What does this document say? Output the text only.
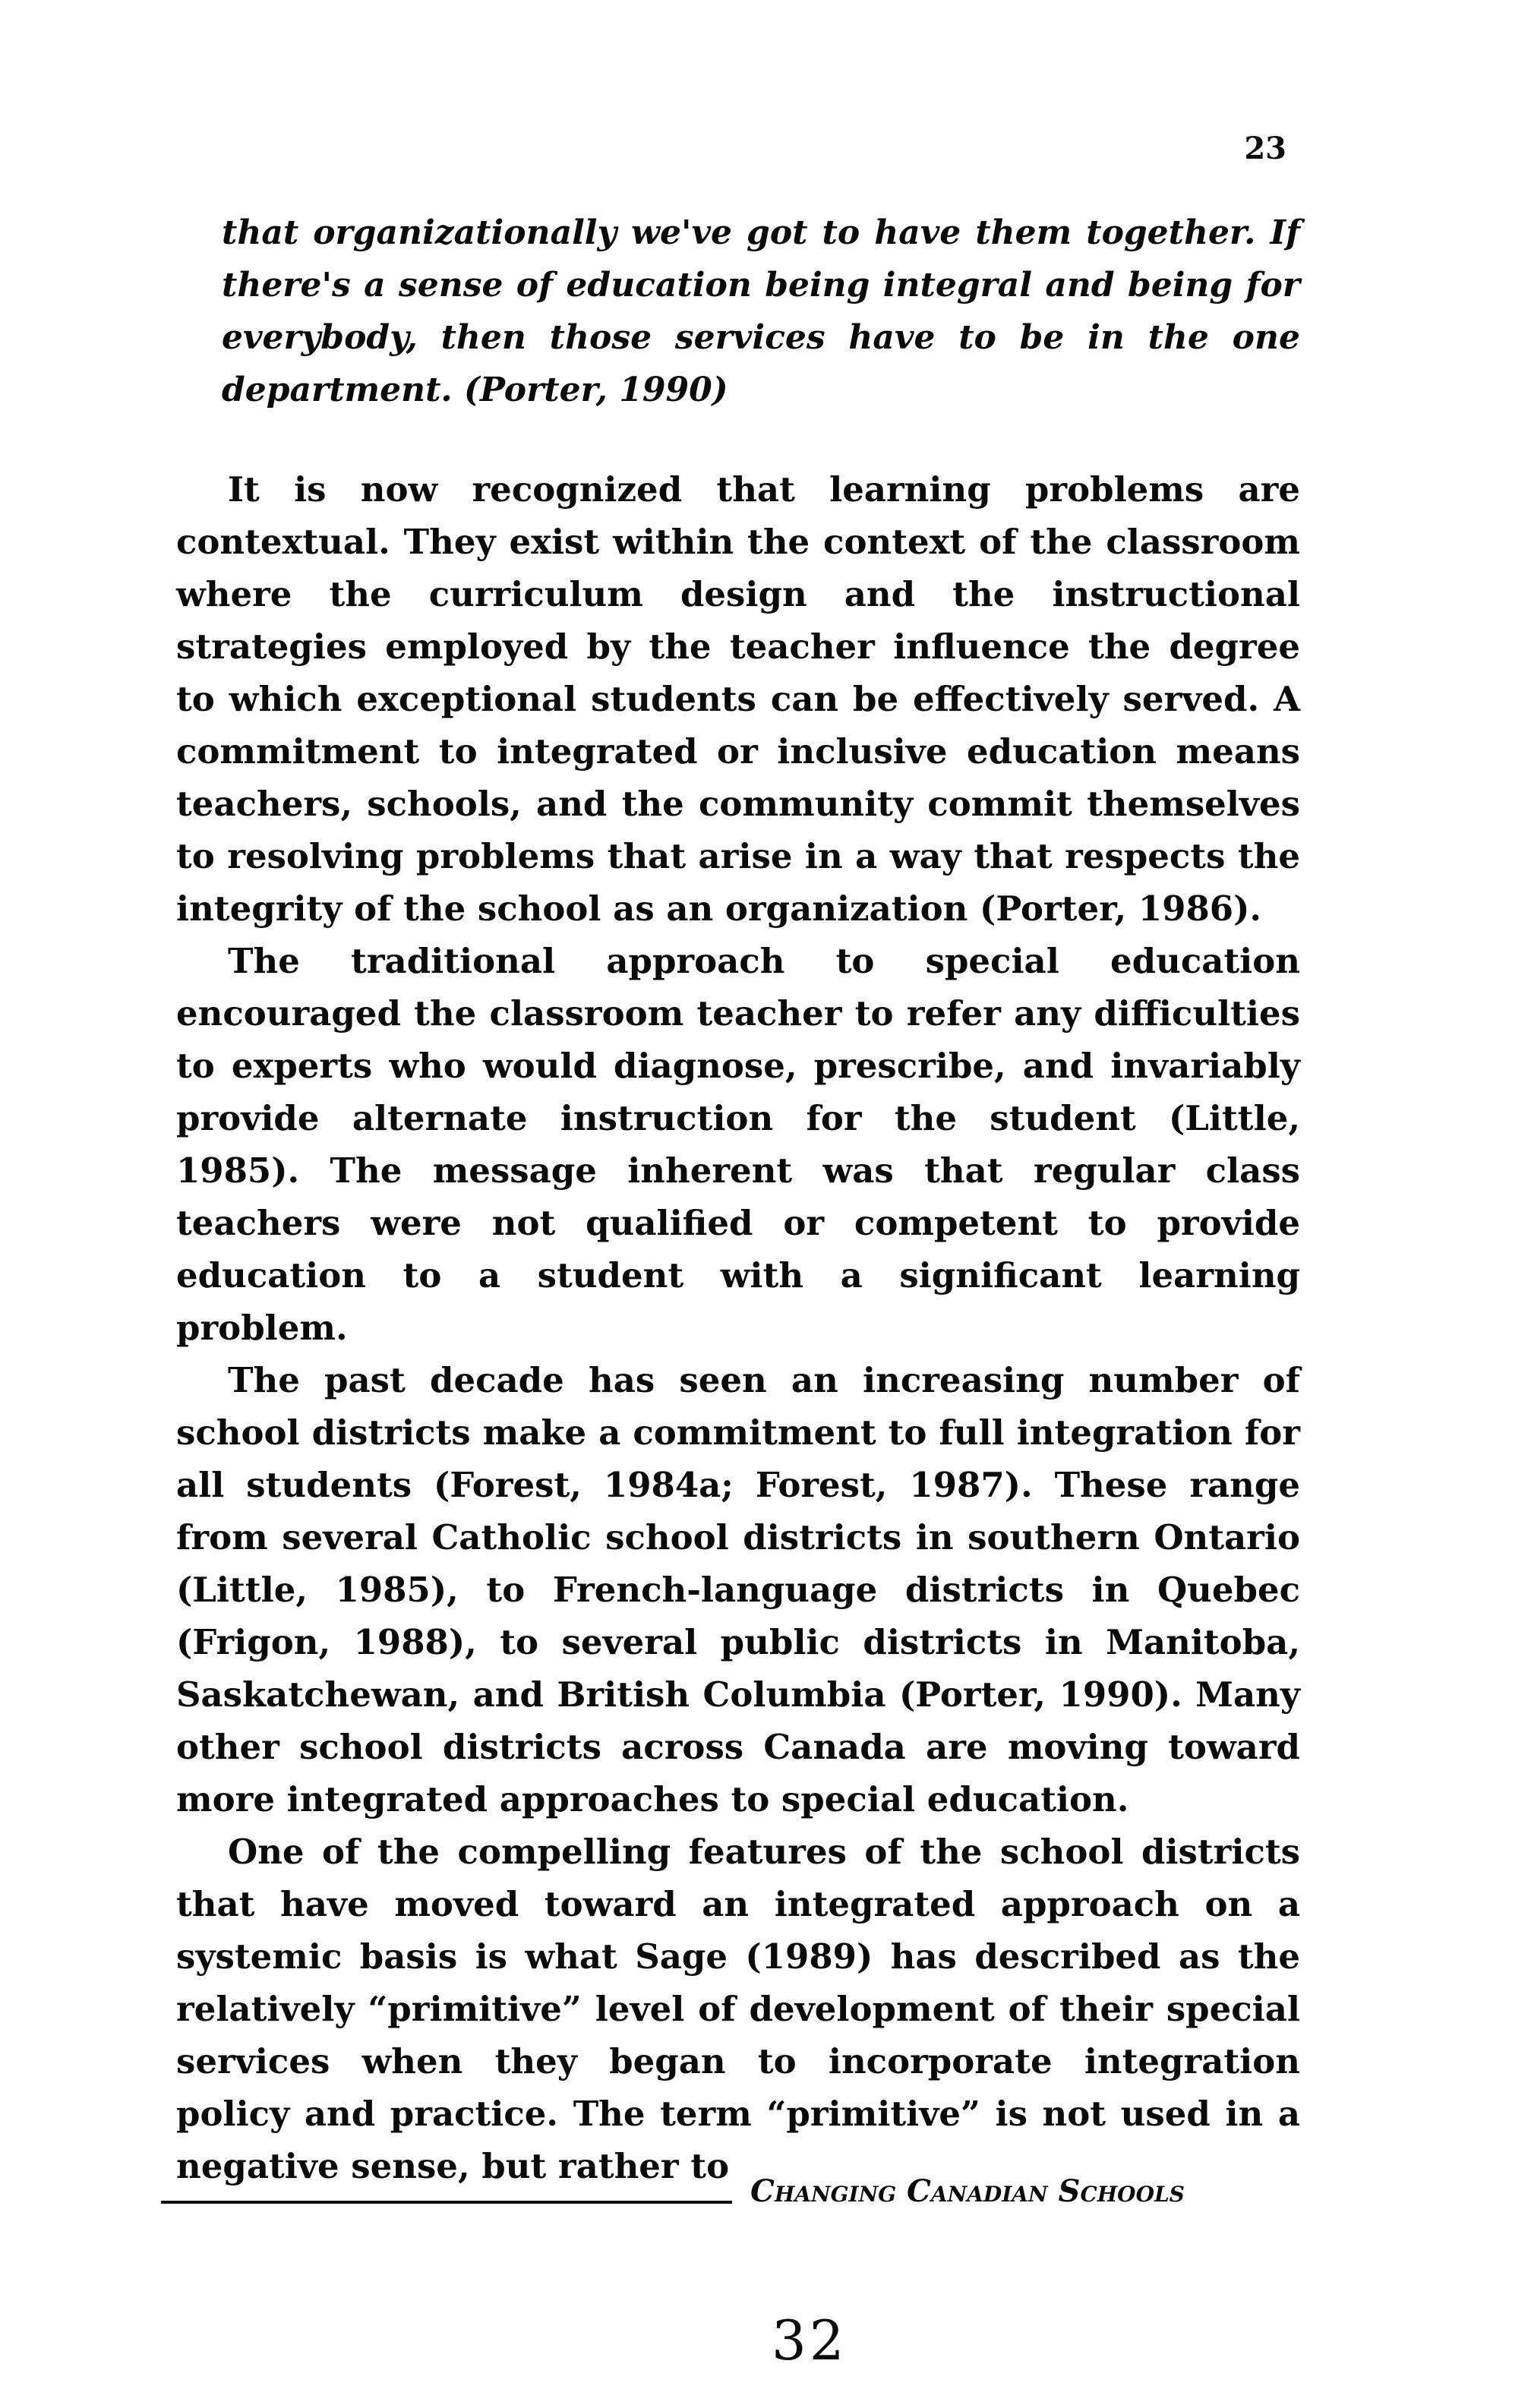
23

that organizationally we've got to have them together. If there's a sense of education being integral and being for everybody, then those services have to be in the one department. (Porter, 1990)

It is now recognized that learning problems are contextual. They exist within the context of the classroom where the curriculum design and the instructional strategies employed by the teacher influence the degree to which exceptional students can be effectively served. A commitment to integrated or inclusive education means teachers, schools, and the community commit themselves to resolving problems that arise in a way that respects the integrity of the school as an organization (Porter, 1986).

The traditional approach to special education encouraged the classroom teacher to refer any difficulties to experts who would diagnose, prescribe, and invariably provide alternate instruction for the student (Little, 1985). The message inherent was that regular class teachers were not qualified or competent to provide education to a student with a significant learning problem.

The past decade has seen an increasing number of school districts make a commitment to full integration for all students (Forest, 1984a; Forest, 1987). These range from several Catholic school districts in southern Ontario (Little, 1985), to French-language districts in Quebec (Frigon, 1988), to several public districts in Manitoba, Saskatchewan, and British Columbia (Porter, 1990). Many other school districts across Canada are moving toward more integrated approaches to special education.

One of the compelling features of the school districts that have moved toward an integrated approach on a systemic basis is what Sage (1989) has described as the relatively “primitive” level of development of their special services when they began to incorporate integration policy and practice. The term “primitive” is not used in a negative sense, but rather to

Changing Canadian Schools
32
